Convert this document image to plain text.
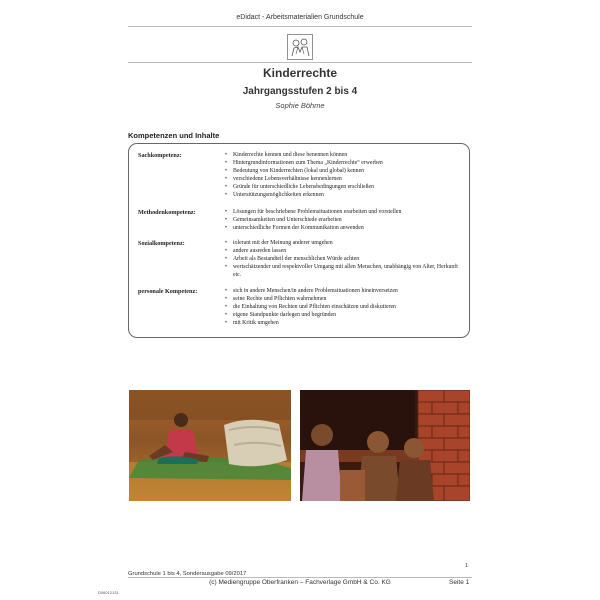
eDidact - Arbeitsmaterialien Grundschule
Kinderrechte
Jahrgangsstufen 2 bis 4
Sophie Böhme
Kompetenzen und Inhalte
Sachkompetenz:	• Kinderrechte kennen und diese benennen können
• Hintergrundinformationen zum Thema „Kinderrechte“ erwerben
• Bedeutung von Kinderrechten (lokal und global) kennen
• verschiedene Lebensverhältnisse kennenlernen
• Gründe für unterschiedliche Lebensbedingungen erschließen
• Unterstützungsmöglichkeiten erkennen
Methodenkompetenz:	• Lösungen für beschriebene Problemsituationen erarbeiten und vorstellen
• Gemeinsamkeiten und Unterschiede erarbeiten
• unterschiedliche Formen der Kommunikation anwenden
Sozialkompetenz:	• tolerant mit der Meinung anderer umgehen
• andere ausreden lassen
• Arbeit als Bestandteil der menschlichen Würde achten
• wertschätzender und respektvoller Umgang mit allen Menschen, unabhängig von Alter, Herkunft etc.
personale Kompetenz:	• sich in andere Menschen/in andere Problemsituationen hineinversetzen
• seine Rechte und Pflichten wahrnehmen
• die Einhaltung von Rechten und Pflichten einschätzen und diskutieren
• eigene Standpunkte darlegen und begründen
• mit Kritik umgehen
1
Grundschule 1 bis 4, Sonderausgabe 09/2017
(c) Mediengruppe Oberfranken – Fachverlage GmbH & Co. KG	Seite 1
D06012131
